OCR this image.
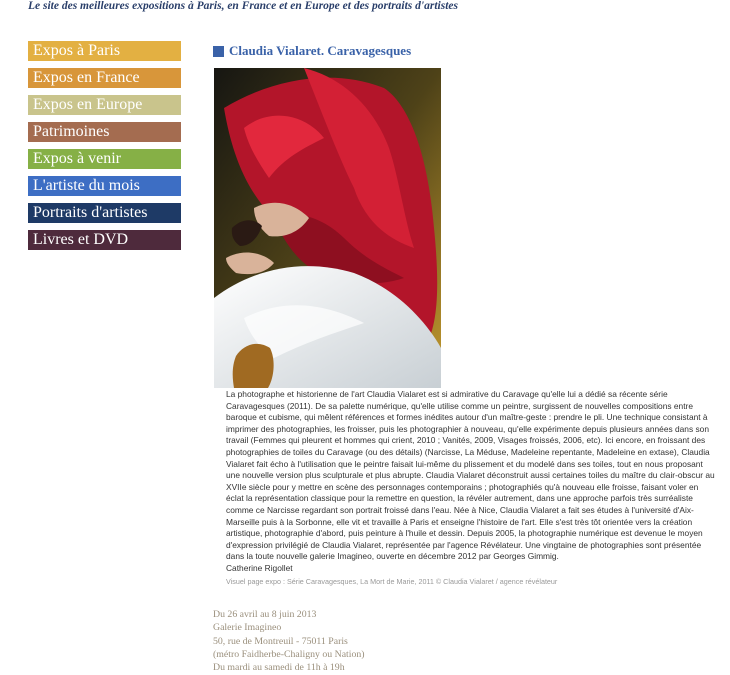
Le site des meilleures expositions à Paris, en France et en Europe et des portraits d'artistes
Expos à Paris
Expos en France
Expos en Europe
Patrimoines
Expos à venir
L'artiste du mois
Portraits d'artistes
Livres et DVD
Claudia Vialaret. Caravagesques

La photographe et historienne de l'art Claudia Vialaret est si admirative du Caravage qu'elle lui a dédié sa récente série Caravagesques (2011). De sa palette numérique, qu'elle utilise comme un peintre, surgissent de nouvelles compositions entre baroque et cubisme, qui mêlent références et formes inédites autour d'un maître-geste : prendre le pli. Une technique consistant à imprimer des photographies, les froisser, puis les photographier à nouveau, qu'elle expérimente depuis plusieurs années dans son travail (Femmes qui pleurent et hommes qui crient, 2010 ; Vanités, 2009, Visages froissés, 2006, etc). Ici encore, en froissant des photographies de toiles du Caravage (ou des détails) (Narcisse, La Méduse, Madeleine repentante, Madeleine en extase), Claudia Vialaret fait écho à l'utilisation que le peintre faisait lui-même du plissement et du modelé dans ses toiles, tout en nous proposant une nouvelle version plus sculpturale et plus abrupte. Claudia Vialaret déconstruit aussi certaines toiles du maître du clair-obscur au XVIIe siècle pour y mettre en scène des personnages contemporains ; photographiés qu'à nouveau elle froisse, faisant voler en éclat la représentation classique pour la remettre en question, la révéler autrement, dans une approche parfois très surréaliste comme ce Narcisse regardant son portrait froissé dans l'eau. Née à Nice, Claudia Vialaret a fait ses études à l'université d'Aix-Marseille puis à la Sorbonne, elle vit et travaille à Paris et enseigne l'histoire de l'art. Elle s'est très tôt orientée vers la création artistique, photographie d'abord, puis peinture à l'huile et dessin. Depuis 2005, la photographie numérique est devenue le moyen d'expression privilégié de Claudia Vialaret, représentée par l'agence Révélateur. Une vingtaine de photographies sont présentée dans la toute nouvelle galerie Imagineo, ouverte en décembre 2012 par Georges Gimmig.

Catherine Rigollet
Visuel page expo : Série Caravagesques, La Mort de Marie, 2011 © Claudia Vialaret / agence révélateur
Du 26 avril au 8 juin 2013
Galerie Imagineo
50, rue de Montreuil - 75011 Paris
(métro Faidherbe-Chaligny ou Nation)
Du mardi au samedi de 11h à 19h
